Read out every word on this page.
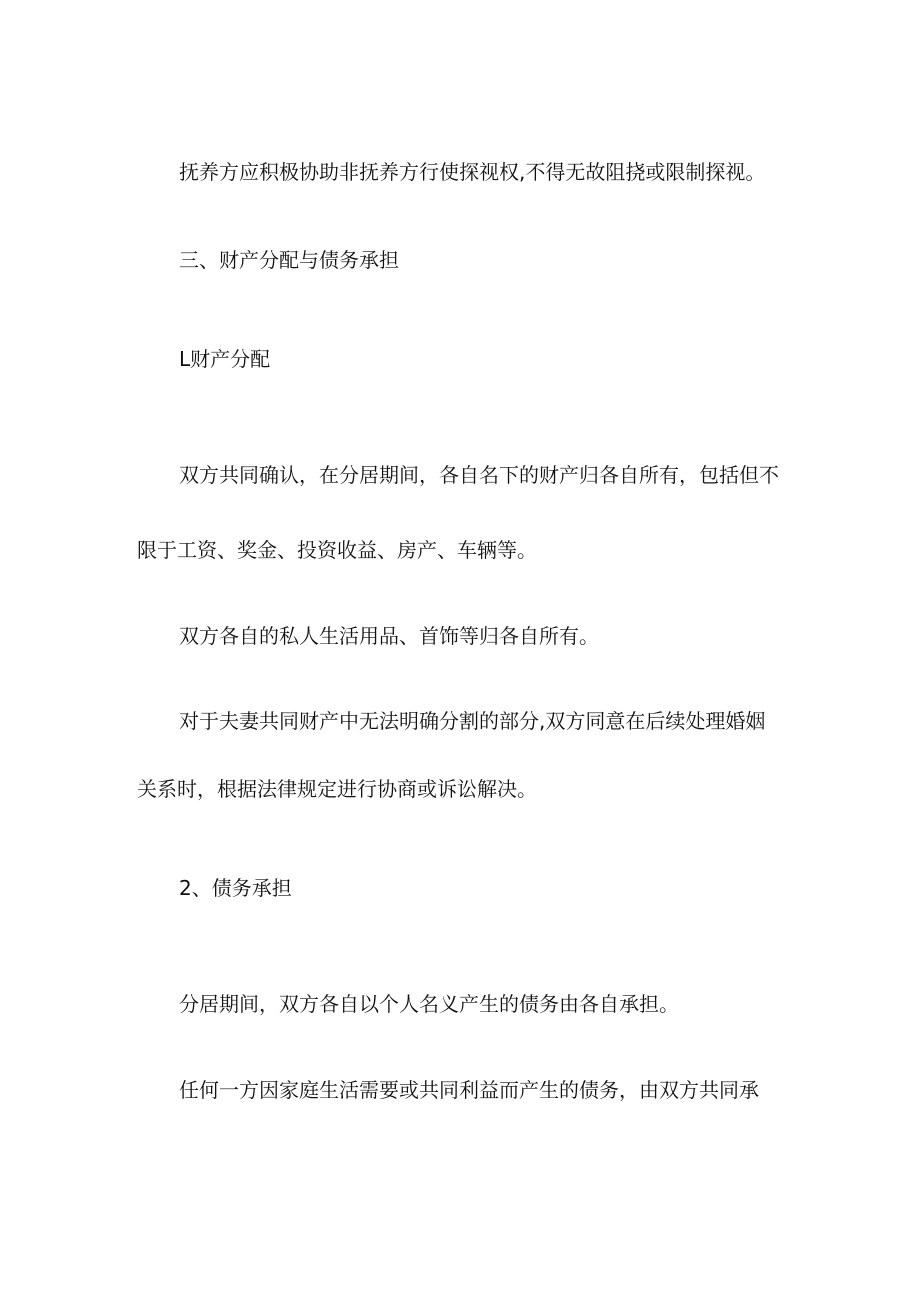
抚养方应积极协助非抚养方行使探视权,不得无故阻挠或限制探视。

三、财产分配与债务承担

L财产分配

双方共同确认，在分居期间，各自名下的财产归各自所有，包括但不

限于工资、奖金、投资收益、房产、车辆等。

双方各自的私人生活用品、首饰等归各自所有。

对于夫妻共同财产中无法明确分割的部分,双方同意在后续处理婚姻

关系时，根据法律规定进行协商或诉讼解决。

2、债务承担

分居期间，双方各自以个人名义产生的债务由各自承担。

任何一方因家庭生活需要或共同利益而产生的债务，由双方共同承
